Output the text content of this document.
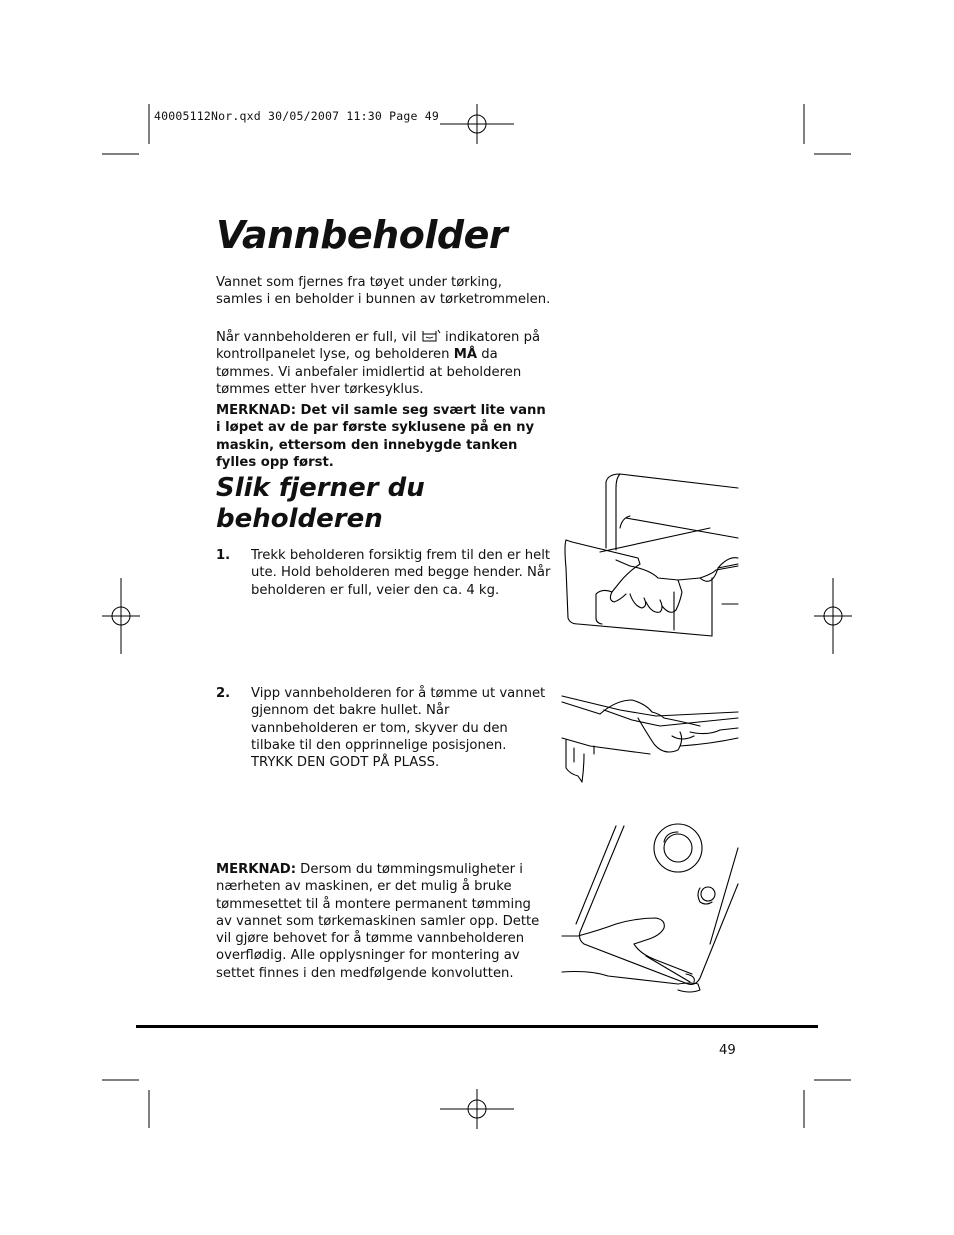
40005112Nor.qxd 30/05/2007 11:30 Page 49
Vannbeholder

Vannet som fjernes fra tøyet under tørking, samles i en beholder i bunnen av tørketrommelen.

Når vannbeholderen er full, vil indikatoren på kontrollpanelet lyse, og beholderen MÅ da tømmes. Vi anbefaler imidlertid at beholderen tømmes etter hver tørkesyklus.

MERKNAD: Det vil samle seg svært lite vann i løpet av de par første syklusene på en ny maskin, ettersom den innebygde tanken fylles opp først.

Slik fjerner du beholderen
1. Trekk beholderen forsiktig frem til den er helt ute. Hold beholderen med begge hender. Når beholderen er full, veier den ca. 4 kg.

2. Vipp vannbeholderen for å tømme ut vannet gjennom det bakre hullet. Når vannbeholderen er tom, skyver du den tilbake til den opprinnelige posisjonen. TRYKK DEN GODT PÅ PLASS.

MERKNAD: Dersom du tømmingsmuligheter i nærheten av maskinen, er det mulig å bruke tømmesettet til å montere permanent tømming av vannet som tørkemaskinen samler opp. Dette vil gjøre behovet for å tømme vannbeholderen overflødig. Alle opplysninger for montering av settet finnes i den medfølgende konvolutten.

49
